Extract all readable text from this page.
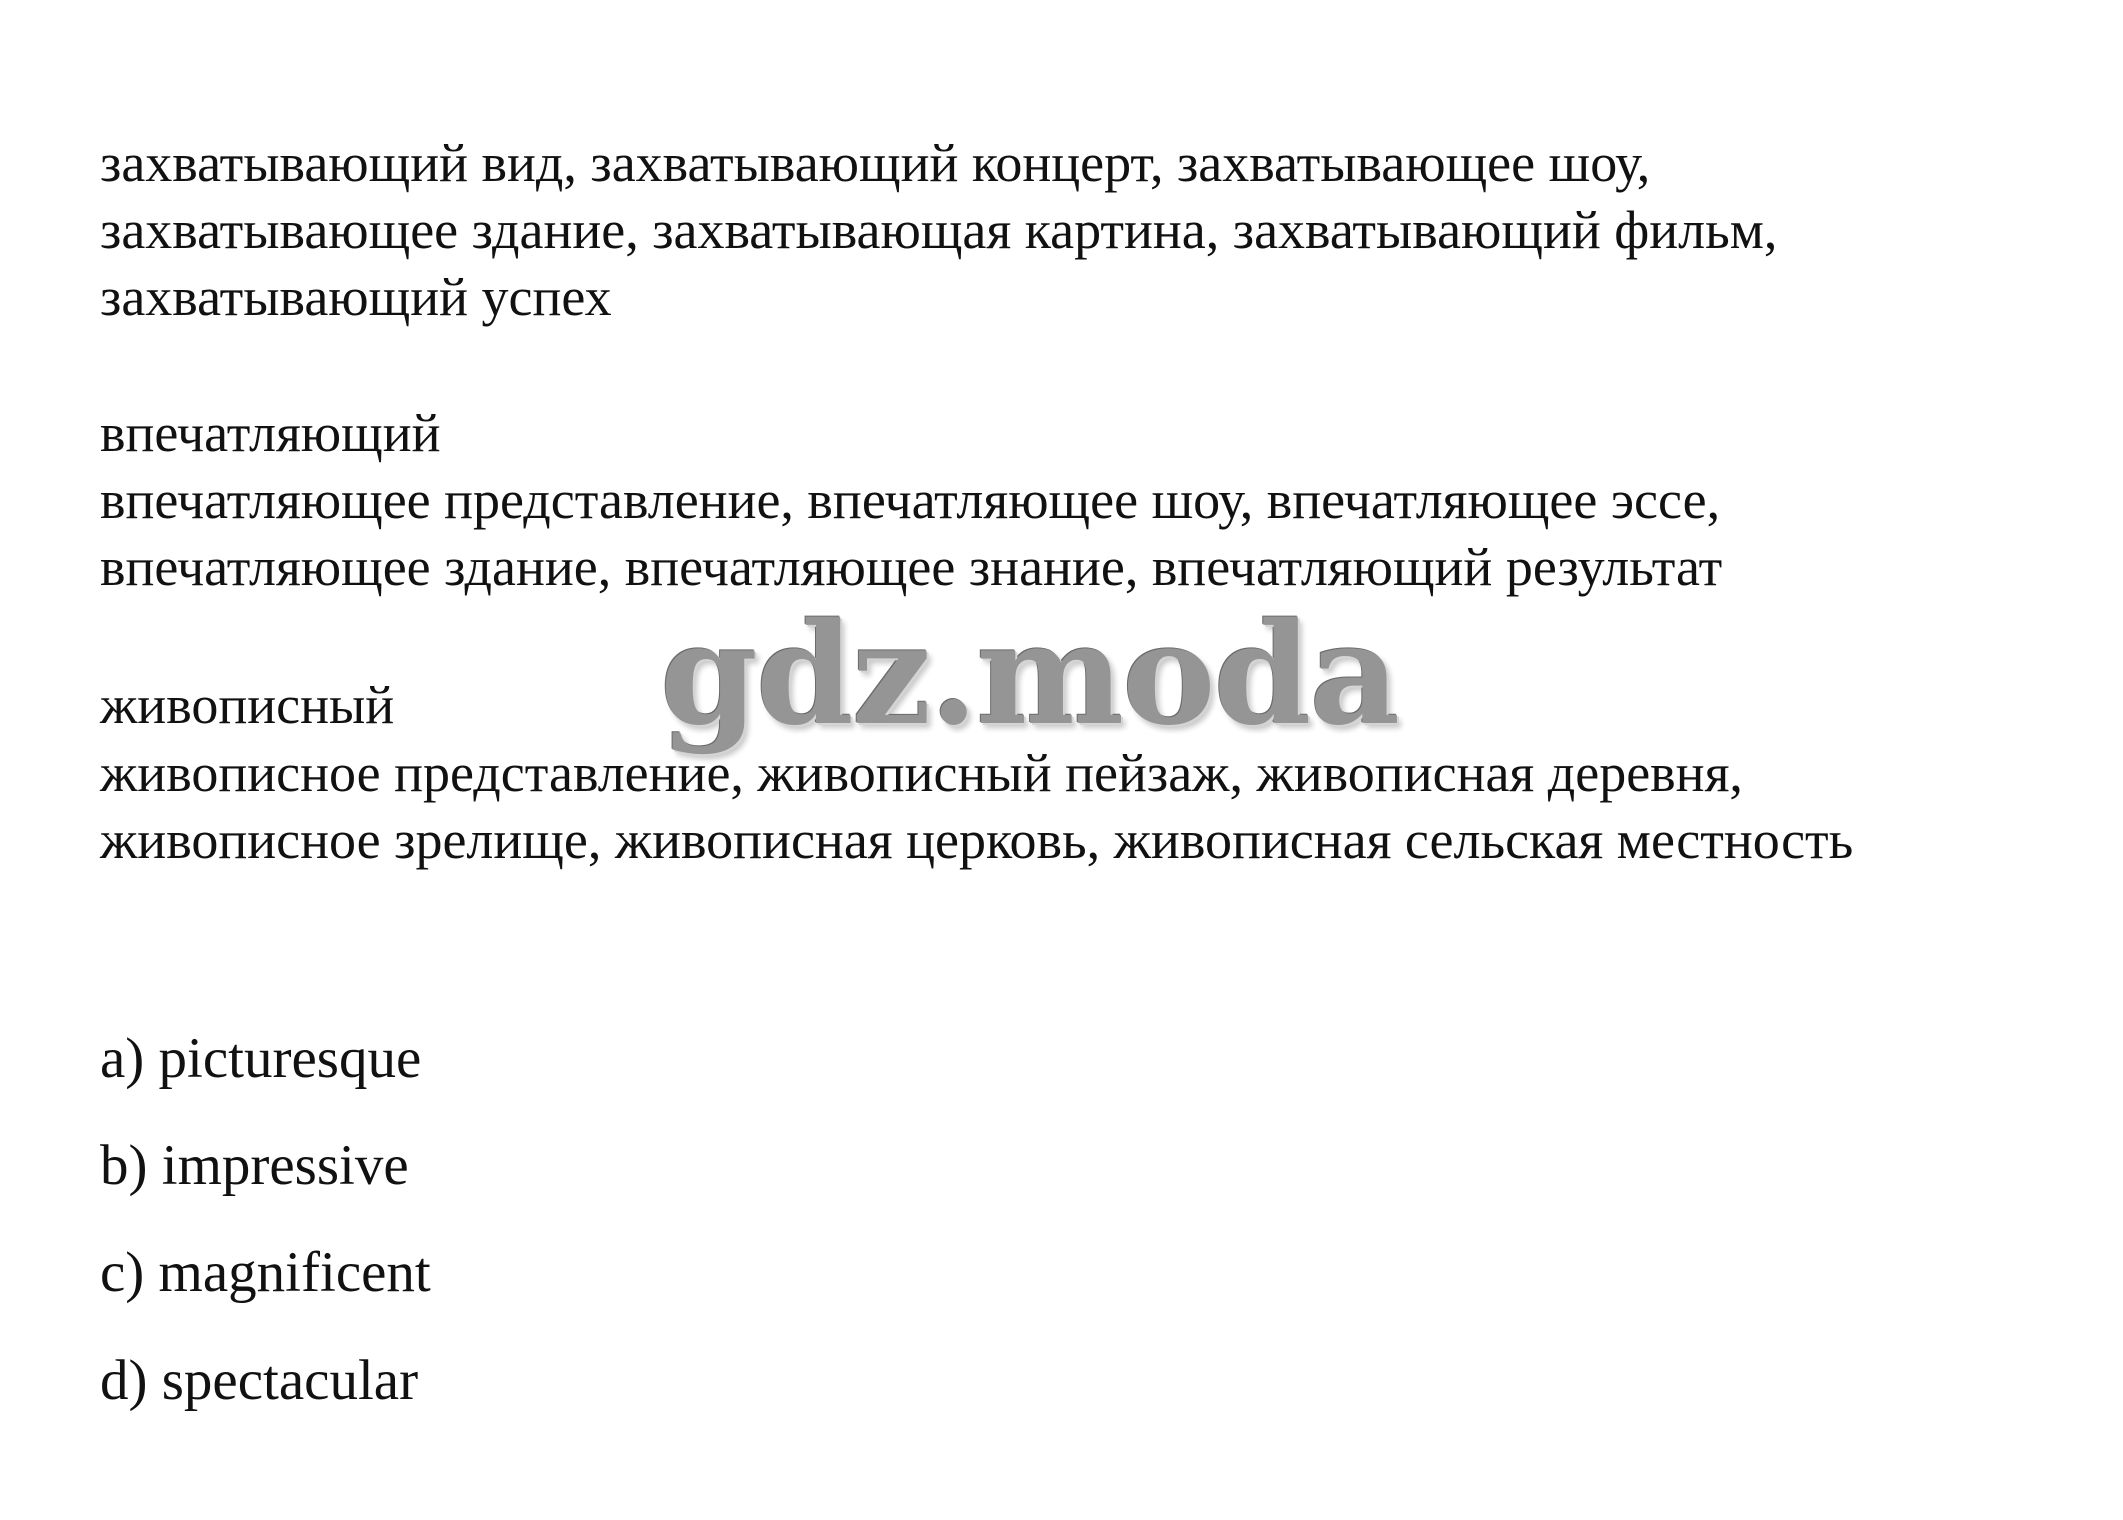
захватывающий вид, захватывающий концерт, захватывающее шоу,
захватывающее здание, захватывающая картина, захватывающий фильм,
захватывающий успех
впечатляющий
впечатляющее представление, впечатляющее шоу, впечатляющее эссе,
впечатляющее здание, впечатляющее знание, впечатляющий результат
живописный
живописное представление, живописный пейзаж, живописная деревня,
живописное зрелище, живописная церковь, живописная сельская местность
a) picturesque
b) impressive
c) magnificent
d) spectacular
gdz.moda
